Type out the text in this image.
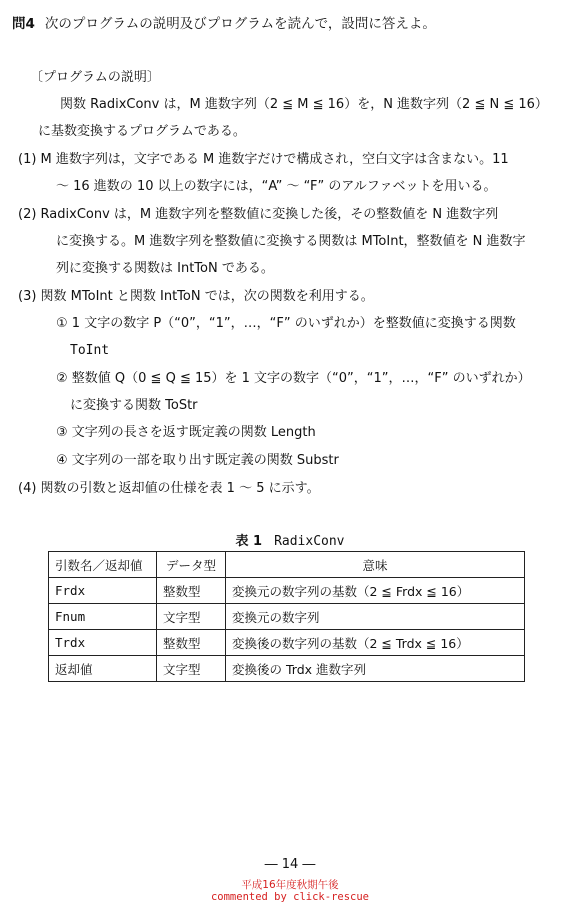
問4 次のプログラムの説明及びプログラムを読んで，設問に答えよ。
〔プログラムの説明〕
関数 RadixConv は，M 進数字列（2 ≦ M ≦ 16）を，N 進数字列（2 ≦ N ≦ 16）
に基数変換するプログラムである。
(1) M 進数字列は，文字である M 進数字だけで構成され，空白文字は含まない。11
～ 16 進数の 10 以上の数字には，“A” ～ “F” のアルファベットを用いる。
(2) RadixConv は，M 進数字列を整数値に変換した後，その整数値を N 進数字列
に変換する。M 進数字列を整数値に変換する関数は MToInt，整数値を N 進数字
列に変換する関数は IntToN である。
(3) 関数 MToInt と関数 IntToN では，次の関数を利用する。
① 1 文字の数字 P（“0”，“1”，…，“F” のいずれか）を整数値に変換する関数
ToInt
② 整数値 Q（0 ≦ Q ≦ 15）を 1 文字の数字（“0”，“1”，…，“F” のいずれか）
に変換する関数 ToStr
③ 文字列の長さを返す既定義の関数 Length
④ 文字列の一部を取り出す既定義の関数 Substr
(4) 関数の引数と返却値の仕様を表 1 ～ 5 に示す。
表 1 RadixConv
引数名／返却値	データ型	意味
Frdx	整数型	変換元の数字列の基数（2 ≦ Frdx ≦ 16）
Fnum	文字型	変換元の数字列
Trdx	整数型	変換後の数字列の基数（2 ≦ Trdx ≦ 16）
返却値	文字型	変換後の Trdx 進数字列
― 14 ―
平成16年度秋期午後
commented by click-rescue
